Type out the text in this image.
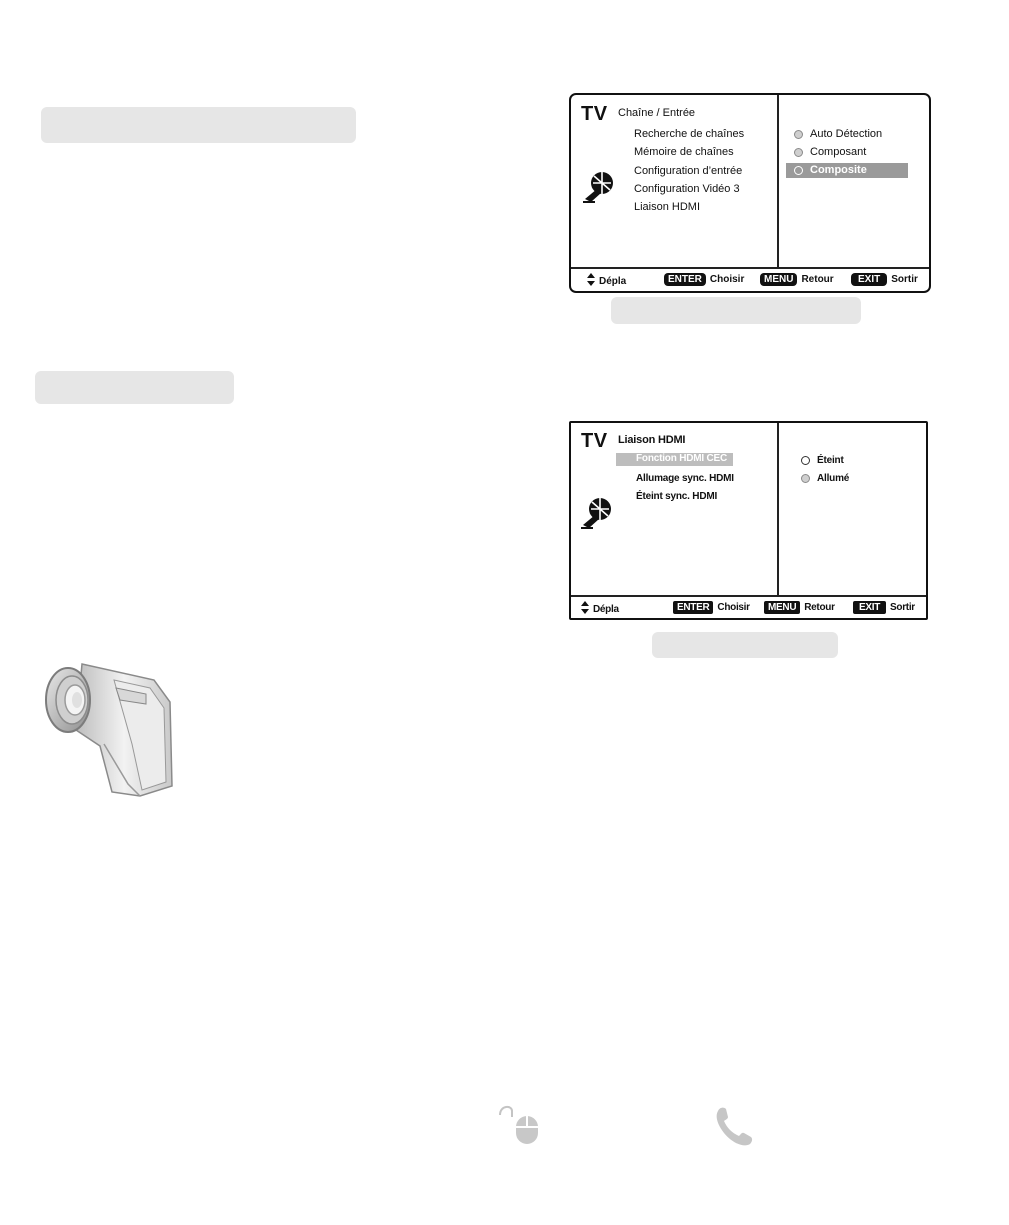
TV Chaîne / Entrée
Recherche de chaînes
Mémoire de chaînes
Configuration d’entrée
Configuration Vidéo 3
Liaison HDMI
Auto Détection
Composant
Composite
Dépla	ENTER Choisir	MENU Retour	EXIT	Sortir
TV Liaison HDMI
Fonction HDMI CEC
Allumage sync. HDMI
Éteint sync. HDMI
Éteint
Allumé
Dépla	ENTER Choisir	MENU Retour	EXIT	Sortir
